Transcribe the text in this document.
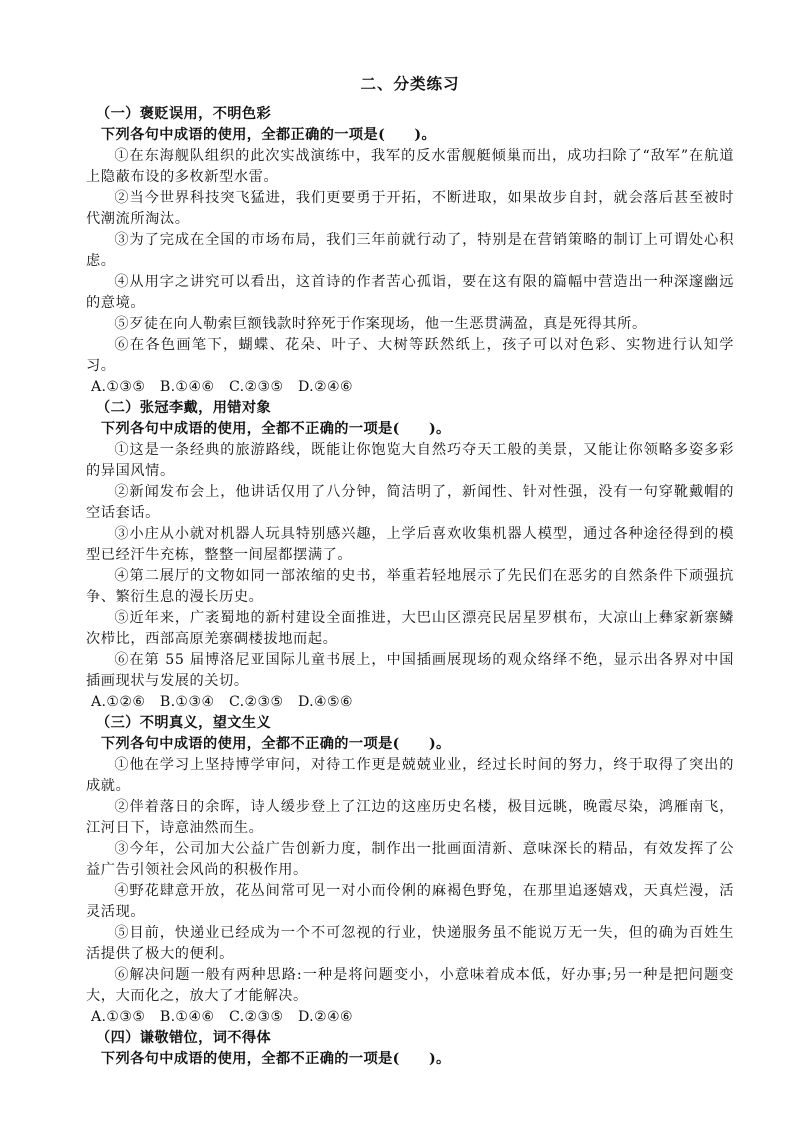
二、分类练习
（一）褒贬误用，不明色彩
下列各句中成语的使用，全都正确的一项是(　　)。
①在东海舰队组织的此次实战演练中，我军的反水雷舰艇倾巢而出，成功扫除了“敌军”在航道上隐蔽布设的多枚新型水雷。
②当今世界科技突飞猛进，我们更要勇于开拓，不断进取，如果故步自封，就会落后甚至被时代潮流所淘汰。
③为了完成在全国的市场布局，我们三年前就行动了，特别是在营销策略的制订上可谓处心积虑。
④从用字之讲究可以看出，这首诗的作者苦心孤诣，要在这有限的篇幅中营造出一种深邃幽远的意境。
⑤歹徒在向人勒索巨额钱款时猝死于作案现场，他一生恶贯满盈，真是死得其所。
⑥在各色画笔下，蝴蝶、花朵、叶子、大树等跃然纸上，孩子可以对色彩、实物进行认知学习。
A.①③⑤　B.①④⑥　C.②③⑤　D.②④⑥
（二）张冠李戴，用错对象
下列各句中成语的使用，全都不正确的一项是(　　)。
①这是一条经典的旅游路线，既能让你饱览大自然巧夺天工般的美景，又能让你领略多姿多彩的异国风情。
②新闻发布会上，他讲话仅用了八分钟，简洁明了，新闻性、针对性强，没有一句穿靴戴帽的空话套话。
③小庄从小就对机器人玩具特别感兴趣，上学后喜欢收集机器人模型，通过各种途径得到的模型已经汗牛充栋，整整一间屋都摆满了。
④第二展厅的文物如同一部浓缩的史书，举重若轻地展示了先民们在恶劣的自然条件下顽强抗争、繁衍生息的漫长历史。
⑤近年来，广袤蜀地的新村建设全面推进，大巴山区漂亮民居星罗棋布，大凉山上彝家新寨鳞次栉比，西部高原羌寨碉楼拔地而起。
⑥在第 55 届博洛尼亚国际儿童书展上，中国插画展现场的观众络绎不绝，显示出各界对中国插画现状与发展的关切。
A.①②⑥　B.①③④　C.②③⑤　D.④⑤⑥
（三）不明真义，望文生义
下列各句中成语的使用，全都不正确的一项是(　　)。
①他在学习上坚持博学审问，对待工作更是兢兢业业，经过长时间的努力，终于取得了突出的成就。
②伴着落日的余晖，诗人缓步登上了江边的这座历史名楼，极目远眺，晚霞尽染，鸿雁南飞，江河日下，诗意油然而生。
③今年，公司加大公益广告创新力度，制作出一批画面清新、意味深长的精品，有效发挥了公益广告引领社会风尚的积极作用。
④野花肆意开放，花丛间常可见一对小而伶俐的麻褐色野兔，在那里追逐嬉戏，天真烂漫，活灵活现。
⑤目前，快递业已经成为一个不可忽视的行业，快递服务虽不能说万无一失，但的确为百姓生活提供了极大的便利。
⑥解决问题一般有两种思路:一种是将问题变小，小意味着成本低，好办事;另一种是把问题变大，大而化之，放大了才能解决。
A.①③⑤　B.①④⑥　C.②③⑤　D.②④⑥
（四）谦敬错位，词不得体
下列各句中成语的使用，全都不正确的一项是(　　)。
